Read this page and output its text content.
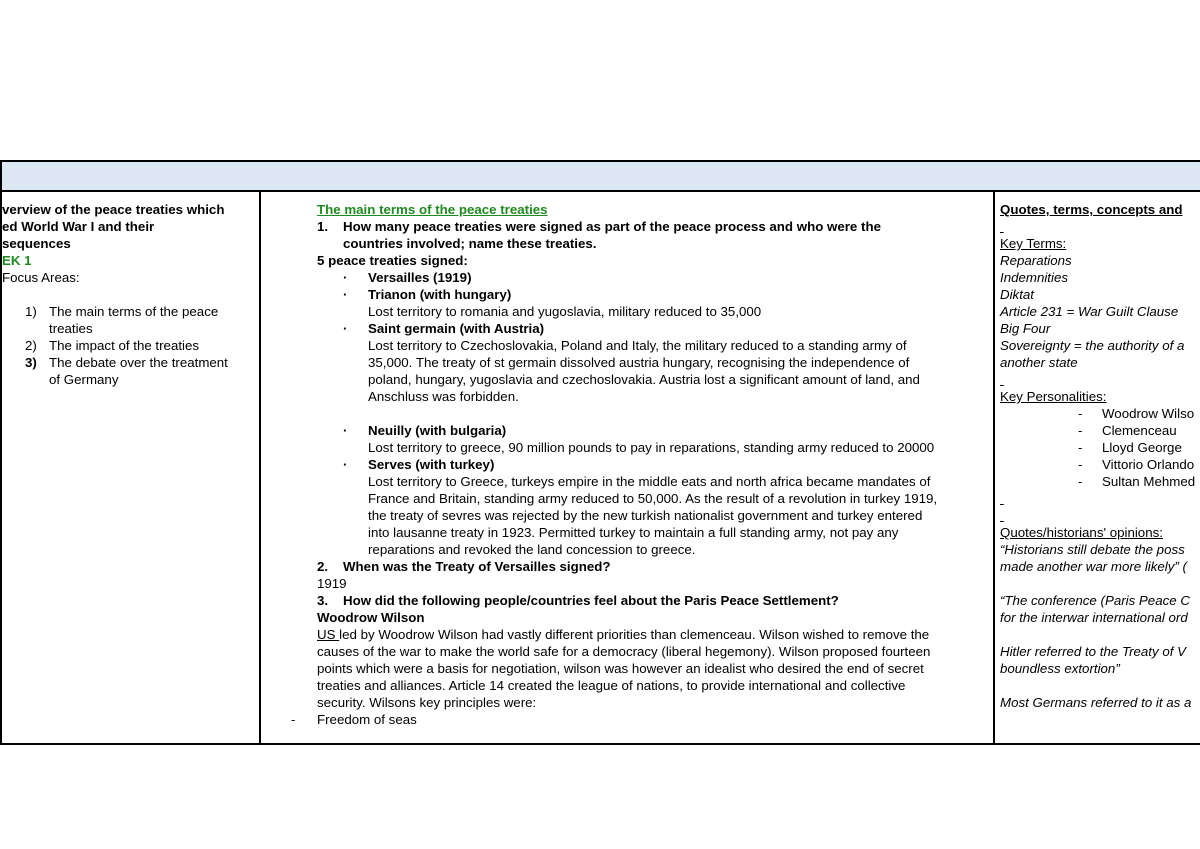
verview of the peace treaties which

ed World War I and their

sequences

EK 1

Focus Areas:

1) The main terms of the peace
treaties
2) The impact of the treaties
3) The debate over the treatment
of Germany

The main terms of the peace treaties

1. How many peace treaties were signed as part of the peace process and who were the
countries involved; name these treaties.

5 peace treaties signed:

· Versailles (1919)
· Trianon (with hungary)
Lost territory to romania and yugoslavia, military reduced to 35,000
· Saint germain (with Austria)
Lost territory to Czechoslovakia, Poland and Italy, the military reduced to a standing army of
35,000. The treaty of st germain dissolved austria hungary, recognising the independence of
poland, hungary, yugoslavia and czechoslovakia. Austria lost a significant amount of land, and
Anschluss was forbidden.
· Neuilly (with bulgaria)
Lost territory to greece, 90 million pounds to pay in reparations, standing army reduced to 20000
· Serves (with turkey)
Lost territory to Greece, turkeys empire in the middle eats and north africa became mandates of
France and Britain, standing army reduced to 50,000. As the result of a revolution in turkey 1919,
the treaty of sevres was rejected by the new turkish nationalist government and turkey entered
into lausanne treaty in 1923. Permitted turkey to maintain a full standing army, not pay any
reparations and revoked the land concession to greece.
2. When was the Treaty of Versailles signed?

1919

3. How did the following people/countries feel about the Paris Peace Settlement?

Woodrow Wilson

US led by Woodrow Wilson had vastly different priorities than clemenceau. Wilson wished to remove the

causes of the war to make the world safe for a democracy (liberal hegemony). Wilson proposed fourteen

points which were a basis for negotiation, wilson was however an idealist who desired the end of secret

treaties and alliances. Article 14 created the league of nations, to provide international and collective

security. Wilsons key principles were:

- Freedom of seas

Quotes, terms, concepts and

Key Terms:

Reparations

Indemnities

Diktat

Article 231 = War Guilt Clause

Big Four

Sovereignty = the authority of a

another state

Key Personalities:

- Woodrow Wilso
- Clemenceau
- Lloyd George
- Vittorio Orlando
- Sultan Mehmed

Quotes/historians' opinions:

“Historians still debate the poss

made another war more likely” (

“The conference (Paris Peace C

for the interwar international ord

Hitler referred to the Treaty of V

boundless extortion”

Most Germans referred to it as a
